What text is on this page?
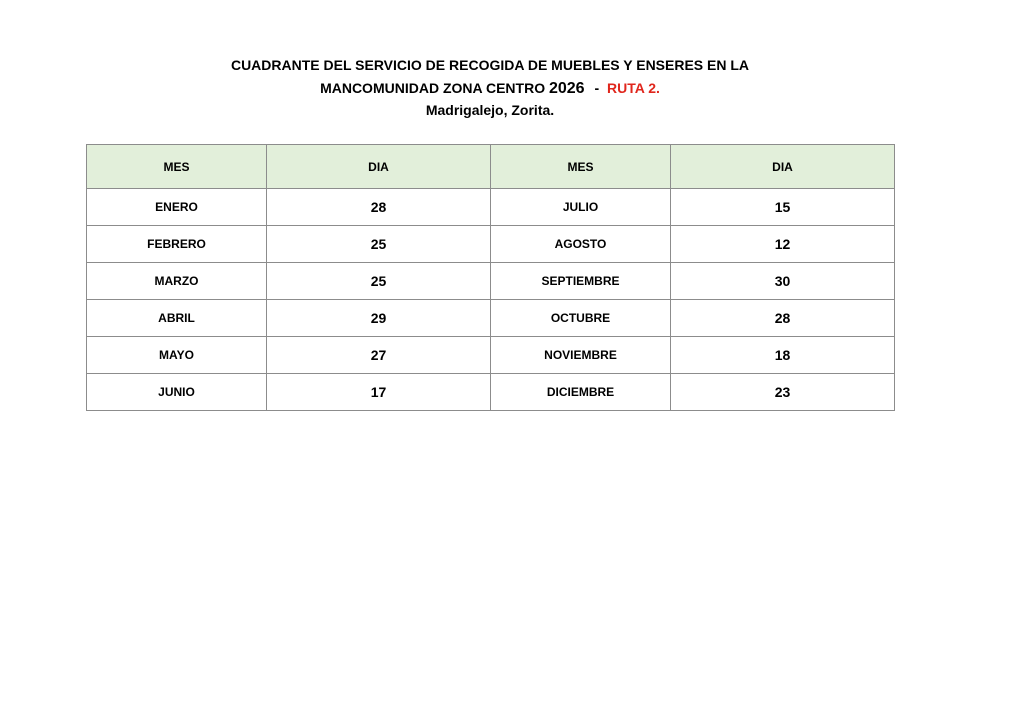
CUADRANTE DEL SERVICIO DE RECOGIDA DE MUEBLES Y ENSERES EN LA
MANCOMUNIDAD ZONA CENTRO 2026 - RUTA 2.
Madrigalejo, Zorita.
MES	DIA	MES	DIA
ENERO	28	JULIO	15
FEBRERO	25	AGOSTO	12
MARZO	25	SEPTIEMBRE	30
ABRIL	29	OCTUBRE	28
MAYO	27	NOVIEMBRE	18
JUNIO	17	DICIEMBRE	23
